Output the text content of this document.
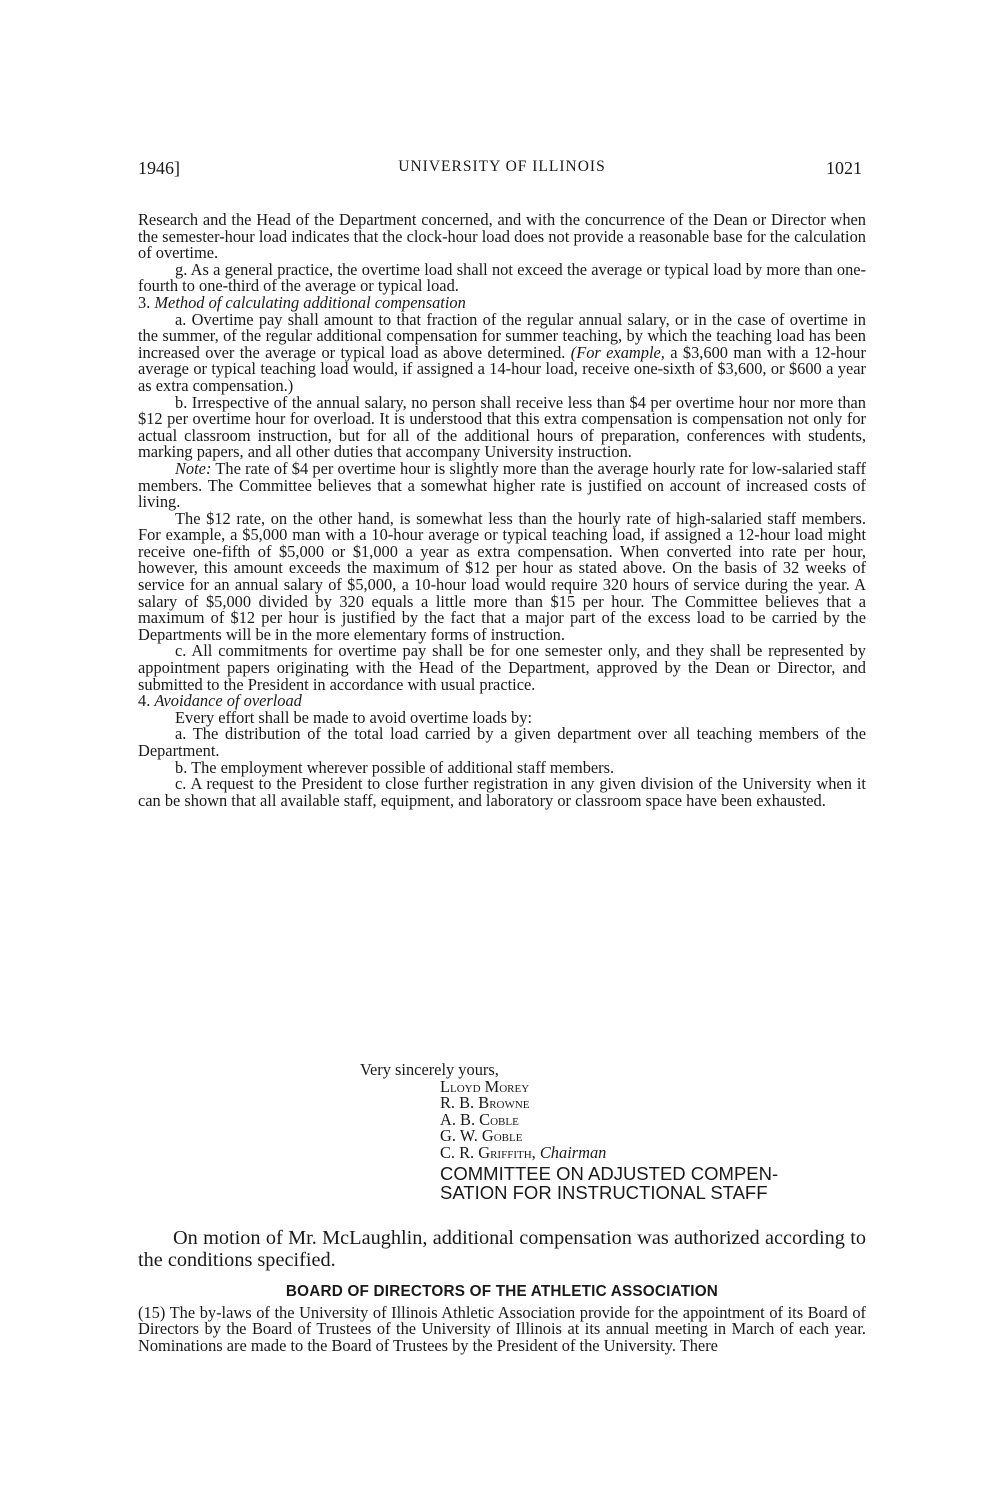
1946]	UNIVERSITY OF ILLINOIS	1021

Research and the Head of the Department concerned, and with the concurrence of the Dean or Director when the semester-hour load indicates that the clock-hour load does not provide a reasonable base for the calculation of overtime.

g. As a general practice, the overtime load shall not exceed the average or typical load by more than one-fourth to one-third of the average or typical load.

3. Method of calculating additional compensation

a. Overtime pay shall amount to that fraction of the regular annual salary, or in the case of overtime in the summer, of the regular additional compensation for summer teaching, by which the teaching load has been increased over the average or typical load as above determined. (For example, a $3,600 man with a 12-hour average or typical teaching load would, if assigned a 14-hour load, receive one-sixth of $3,600, or $600 a year as extra compensation.)

b. Irrespective of the annual salary, no person shall receive less than $4 per overtime hour nor more than $12 per overtime hour for overload. It is understood that this extra compensation is compensation not only for actual classroom instruction, but for all of the additional hours of preparation, conferences with students, marking papers, and all other duties that accompany University instruction.

Note: The rate of $4 per overtime hour is slightly more than the average hourly rate for low-salaried staff members. The Committee believes that a somewhat higher rate is justified on account of increased costs of living.

The $12 rate, on the other hand, is somewhat less than the hourly rate of high-salaried staff members. For example, a $5,000 man with a 10-hour average or typical teaching load, if assigned a 12-hour load might receive one-fifth of $5,000 or $1,000 a year as extra compensation. When converted into rate per hour, however, this amount exceeds the maximum of $12 per hour as stated above. On the basis of 32 weeks of service for an annual salary of $5,000, a 10-hour load would require 320 hours of service during the year. A salary of $5,000 divided by 320 equals a little more than $15 per hour. The Committee believes that a maximum of $12 per hour is justified by the fact that a major part of the excess load to be carried by the Departments will be in the more elementary forms of instruction.

c. All commitments for overtime pay shall be for one semester only, and they shall be represented by appointment papers originating with the Head of the Department, approved by the Dean or Director, and submitted to the President in accordance with usual practice.

4. Avoidance of overload

Every effort shall be made to avoid overtime loads by:

a. The distribution of the total load carried by a given department over all teaching members of the Department.

b. The employment wherever possible of additional staff members.

c. A request to the President to close further registration in any given division of the University when it can be shown that all available staff, equipment, and laboratory or classroom space have been exhausted.

Very sincerely yours,
Lloyd Morey
R. B. Browne
A. B. Coble
G. W. Goble
C. R. Griffith, Chairman
COMMITTEE ON ADJUSTED COMPEN-
SATION FOR INSTRUCTIONAL STAFF

On motion of Mr. McLaughlin, additional compensation was authorized according to the conditions specified.

BOARD OF DIRECTORS OF THE ATHLETIC ASSOCIATION

(15) The by-laws of the University of Illinois Athletic Association provide for the appointment of its Board of Directors by the Board of Trustees of the University of Illinois at its annual meeting in March of each year. Nominations are made to the Board of Trustees by the President of the University. There
